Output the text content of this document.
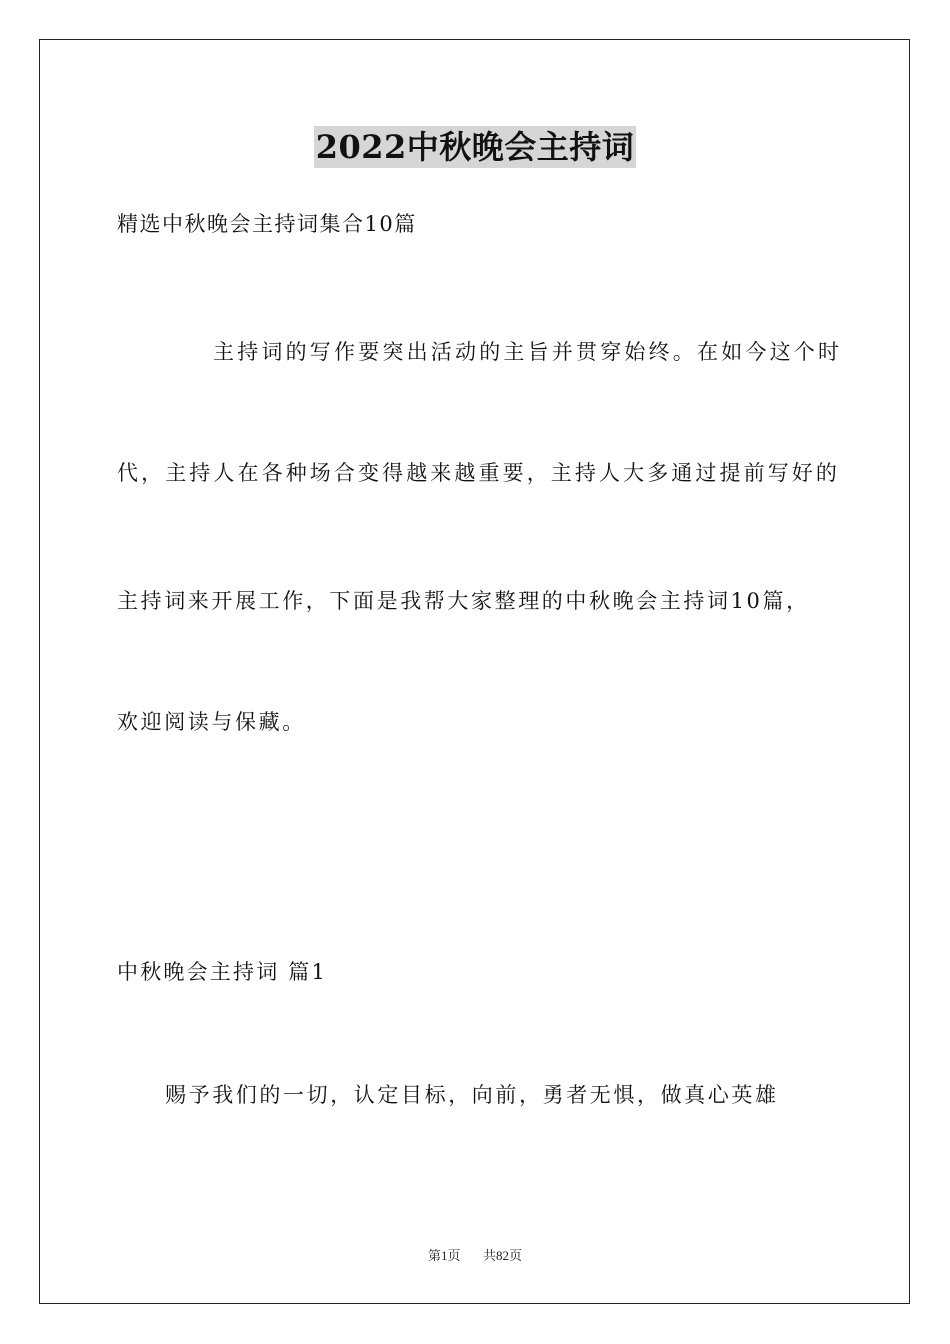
2022中秋晚会主持词
精选中秋晚会主持词集合10篇
主持词的写作要突出活动的主旨并贯穿始终。在如今这个时
代，主持人在各种场合变得越来越重要，主持人大多通过提前写好的
主持词来开展工作，下面是我帮大家整理的中秋晚会主持词10篇，
欢迎阅读与保藏。
中秋晚会主持词 篇1
赐予我们的一切，认定目标，向前，勇者无惧，做真心英雄
第1页 共82页
